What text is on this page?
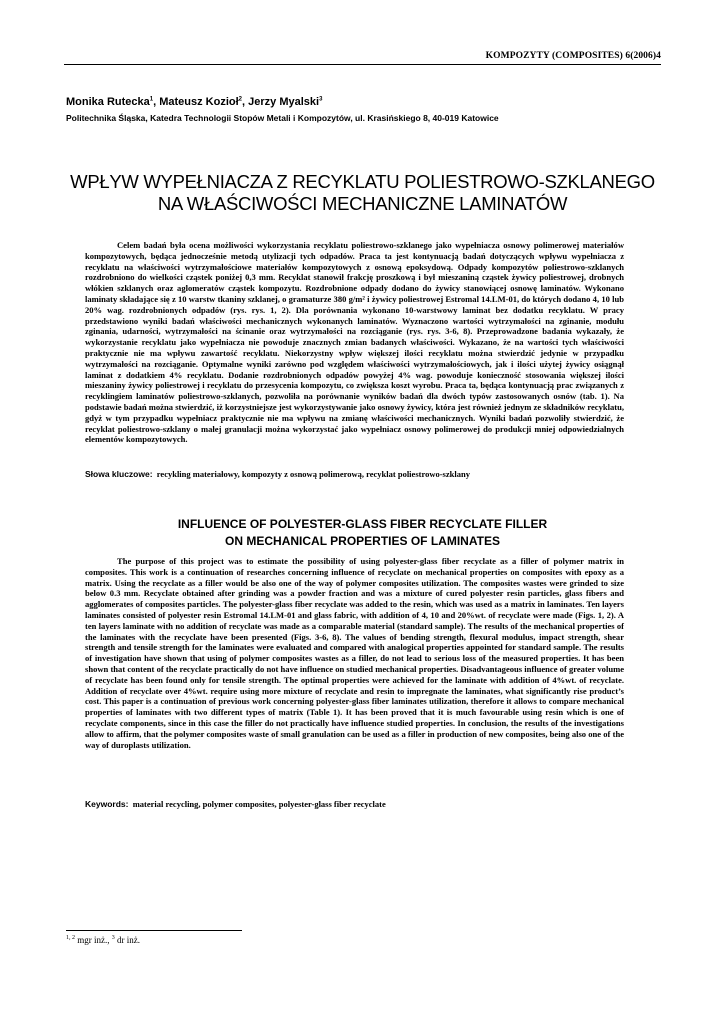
KOMPOZYTY (COMPOSITES) 6(2006)4
Monika Rutecka$^1$, Mateusz Kozioł$^2$, Jerzy Myalski$^3$
Politechnika Śląska, Katedra Technologii Stopów Metali i Kompozytów, ul. Krasińskiego 8, 40-019 Katowice
WPŁYW WYPEŁNIACZA Z RECYKLATU POLIESTROWO-SZKLANEGO
NA WŁAŚCIWOŚCI MECHANICZNE LAMINATÓW

Celem badań była ocena możliwości wykorzystania recyklatu poliestrowo-szklanego jako wypełniacza osnowy polimerowej materiałów kompozytowych, będąca jednocześnie metodą utylizacji tych odpadów. Praca ta jest kontynuacją badań dotyczących wpływu wypełniacza z recyklatu na właściwości wytrzymałościowe materiałów kompozytowych z osnową epoksydową. Odpady kompozytów poliestrowo-szklanych rozdrobniono do wielkości cząstek poniżej 0,3 mm. Recyklat stanowił frakcję proszkową i był mieszaniną cząstek żywicy poliestrowej, drobnych włókien szklanych oraz aglomeratów cząstek kompozytu. Rozdrobnione odpady dodano do żywicy stanowiącej osnowę laminatów. Wykonano laminaty składające się z 10 warstw tkaniny szklanej, o gramaturze 380 g/m² i żywicy poliestrowej Estromal 14.LM-01, do których dodano 4, 10 lub 20% wag. rozdrobnionych odpadów (rys. rys. 1, 2). Dla porównania wykonano 10-warstwowy laminat bez dodatku recyklatu. W pracy przedstawiono wyniki badań właściwości mechanicznych wykonanych laminatów. Wyznaczono wartości wytrzymałości na zginanie, modułu zginania, udarności, wytrzymałości na ścinanie oraz wytrzymałości na rozciąganie (rys. rys. 3-6, 8). Przeprowadzone badania wykazały, że wykorzystanie recyklatu jako wypełniacza nie powoduje znacznych zmian badanych właściwości. Wykazano, że na wartości tych właściwości praktycznie nie ma wpływu zawartość recyklatu. Niekorzystny wpływ większej ilości recyklatu można stwierdzić jedynie w przypadku wytrzymałości na rozciąganie. Optymalne wyniki zarówno pod względem właściwości wytrzymałościowych, jak i ilości użytej żywicy osiągnął laminat z dodatkiem 4% recyklatu. Dodanie rozdrobnionych odpadów powyżej 4% wag. powoduje konieczność stosowania większej ilości mieszaniny żywicy poliestrowej i recyklatu do przesycenia kompozytu, co zwiększa koszt wyrobu. Praca ta, będąca kontynuacją prac związanych z recyklingiem laminatów poliestrowo-szklanych, pozwoliła na porównanie wyników badań dla dwóch typów zastosowanych osnów (tab. 1). Na podstawie badań można stwierdzić, iż korzystniejsze jest wykorzystywanie jako osnowy żywicy, która jest również jednym ze składników recyklatu, gdyż w tym przypadku wypełniacz praktycznie nie ma wpływu na zmianę właściwości mechanicznych. Wyniki badań pozwoliły stwierdzić, że recyklat poliestrowo-szklany o małej granulacji można wykorzystać jako wypełniacz osnowy polimerowej do produkcji mniej odpowiedzialnych elementów kompozytowych.

Słowa kluczowe: recykling materiałowy, kompozyty z osnową polimerową, recyklat poliestrowo-szklany
INFLUENCE OF POLYESTER-GLASS FIBER RECYCLATE FILLER
ON MECHANICAL PROPERTIES OF LAMINATES

The purpose of this project was to estimate the possibility of using polyester-glass fiber recyclate as a filler of polymer matrix in composites. This work is a continuation of researches concerning influence of recyclate on mechanical properties on composites with epoxy as a matrix. Using the recyclate as a filler would be also one of the way of polymer composites utilization. The composites wastes were grinded to size below 0.3 mm. Recyclate obtained after grinding was a powder fraction and was a mixture of cured polyester resin particles, glass fibers and agglomerates of composites particles. The polyester-glass fiber recyclate was added to the resin, which was used as a matrix in laminates. Ten layers laminates consisted of polyester resin Estromal 14.LM-01 and glass fabric, with addition of 4, 10 and 20%wt. of recyclate were made (Figs. 1, 2). A ten layers laminate with no addition of recyclate was made as a comparable material (standard sample). The results of the mechanical properties of the laminates with the recyclate have been presented (Figs. 3-6, 8). The values of bending strength, flexural modulus, impact strength, shear strength and tensile strength for the laminates were evaluated and compared with analogical properties appointed for standard sample. The results of investigation have shown that using of polymer composites wastes as a filler, do not lead to serious loss of the measured properties. It has been shown that content of the recyclate practically do not have influence on studied mechanical properties. Disadvantageous influence of greater volume of recyclate has been found only for tensile strength. The optimal properties were achieved for the laminate with addition of 4%wt. of recyclate. Addition of recyclate over 4%wt. require using more mixture of recyclate and resin to impregnate the laminates, what significantly rise product’s cost. This paper is a continuation of previous work concerning polyester-glass fiber laminates utilization, therefore it allows to compare mechanical properties of laminates with two different types of matrix (Table 1). It has been proved that it is much favourable using resin which is one of recyclate components, since in this case the filler do not practically have influence studied properties. In conclusion, the results of the investigations allow to affirm, that the polymer composites waste of small granulation can be used as a filler in production of new composites, being also one of the way of duroplasts utilization.

Keywords: material recycling, polymer composites, polyester-glass fiber recyclate
$^{1, 2}$ mgr inż., $^3$ dr inż.
